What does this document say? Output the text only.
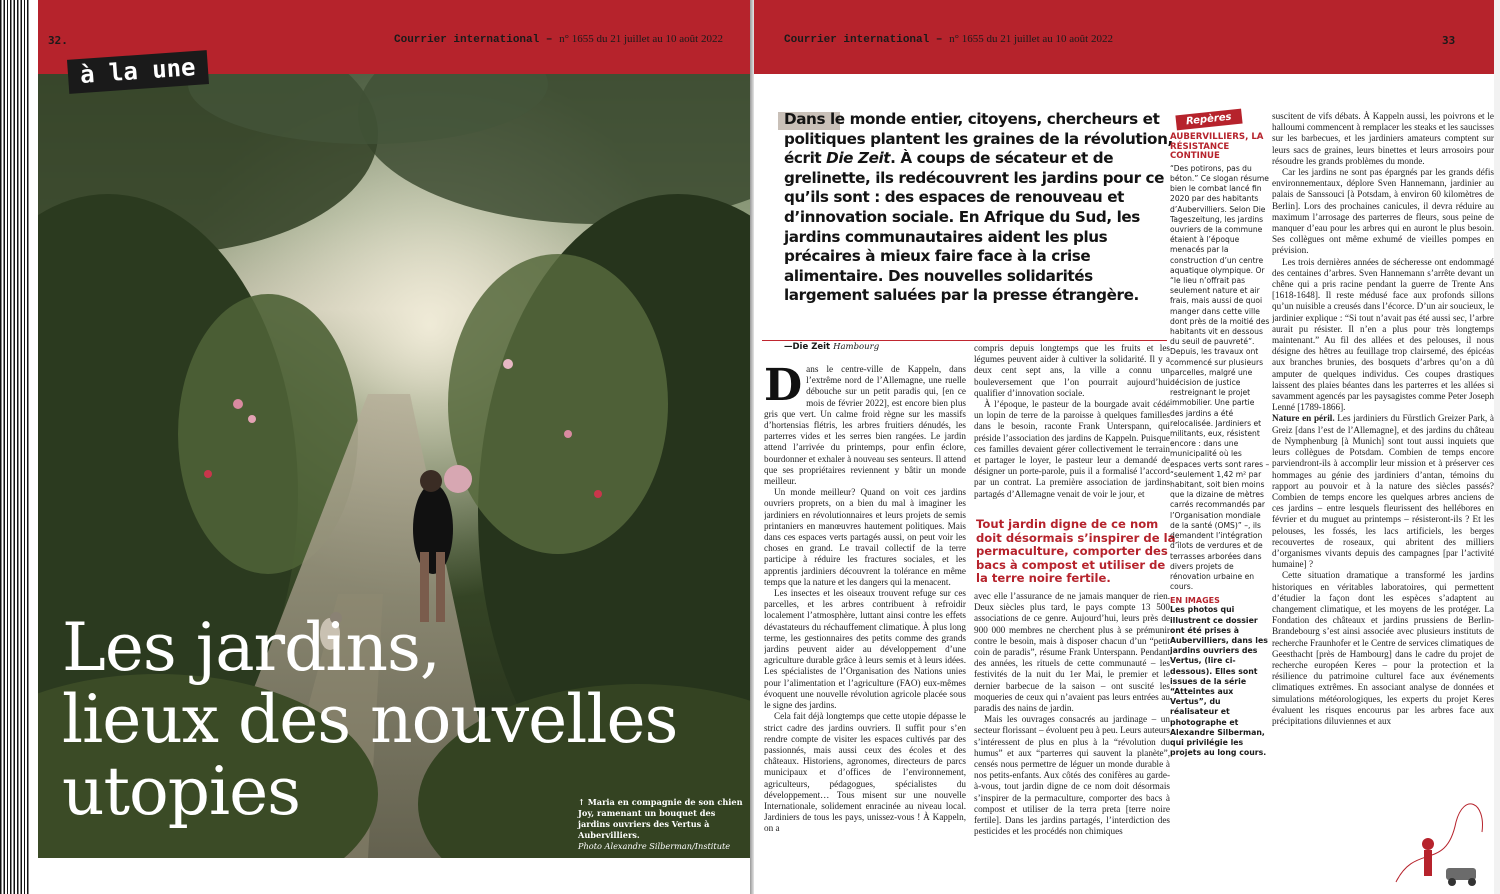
32.	Courrier international – n° 1655 du 21 juillet au 10 août 2022
à la une
Les jardins,
lieux des nouvelles
utopies	↑ Maria en compagnie de son chien Joy, ramenant un bouquet des jardins ouvriers des Vertus à Aubervilliers.
Photo Alexandre Silberman/Institute
Courrier international – n° 1655 du 21 juillet au 10 août 2022	33
Dans le monde entier, citoyens, chercheurs et politiques plantent les graines de la révolution, écrit Die Zeit. À coups de sécateur et de grelinette, ils redécouvrent les jardins pour ce qu’ils sont : des espaces de renouveau et d’innovation sociale. En Afrique du Sud, les jardins communautaires aident les plus précaires à mieux faire face à la crise alimentaire. Des nouvelles solidarités largement saluées par la presse étrangère.
—Die Zeit Hambourg

Dans le centre-ville de Kappeln, dans l’extrême nord de l’Allemagne, une ruelle débouche sur un petit paradis qui, [en ce mois de février 2022], est encore bien plus gris que vert. Un calme froid règne sur les massifs d’hortensias flétris, les arbres fruitiers dénudés, les parterres vides et les serres bien rangées. Le jardin attend l’arrivée du printemps, pour enfin éclore, bourdonner et exhaler à nouveau ses senteurs. Il attend que ses propriétaires reviennent y bâtir un monde meilleur.

Un monde meilleur? Quand on voit ces jardins ouvriers proprets, on a bien du mal à imaginer les jardiniers en révolutionnaires et leurs projets de semis printaniers en manœuvres hautement politiques. Mais dans ces espaces verts partagés aussi, on peut voir les choses en grand. Le travail collectif de la terre participe à réduire les fractures sociales, et les apprentis jardiniers découvrent la tolérance en même temps que la nature et les dangers qui la menacent.

Les insectes et les oiseaux trouvent refuge sur ces parcelles, et les arbres contribuent à refroidir localement l’atmosphère, luttant ainsi contre les effets dévastateurs du réchauffement climatique. À plus long terme, les gestionnaires des petits comme des grands jardins peuvent aider au développement d’une agriculture durable grâce à leurs semis et à leurs idées. Les spécialistes de l’Organisation des Nations unies pour l’alimentation et l’agriculture (FAO) eux-mêmes évoquent une nouvelle révolution agricole placée sous le signe des jardins.

Cela fait déjà longtemps que cette utopie dépasse le strict cadre des jardins ouvriers. Il suffit pour s’en rendre compte de visiter les espaces cultivés par des passionnés, mais aussi ceux des écoles et des châteaux. Historiens, agronomes, directeurs de parcs municipaux et d’offices de l’environnement, agriculteurs, pédagogues, spécialistes du développement… Tous misent sur une nouvelle Internationale, solidement enracinée au niveau local. Jardiniers de tous les pays, unissez-vous ! À Kappeln, on a

compris depuis longtemps que les fruits et les légumes peuvent aider à cultiver la solidarité. Il y a deux cent sept ans, la ville a connu un bouleversement que l’on pourrait aujourd’hui qualifier d’innovation sociale.

À l’époque, le pasteur de la bourgade avait cédé un lopin de terre de la paroisse à quelques familles dans le besoin, raconte Frank Unterspann, qui préside l’association des jardins de Kappeln. Puisque ces familles devaient gérer collectivement le terrain et partager le loyer, le pasteur leur a demandé de désigner un porte-parole, puis il a formalisé l’accord par un contrat. La première association de jardins partagés d’Allemagne venait de voir le jour, et

Tout jardin digne de ce nom doit désormais s’inspirer de la permaculture, comporter des bacs à compost et utiliser de la terre noire fertile.

avec elle l’assurance de ne jamais manquer de rien. Deux siècles plus tard, le pays compte 13 500 associations de ce genre. Aujourd’hui, leurs près de 900 000 membres ne cherchent plus à se prémunir contre le besoin, mais à disposer chacun d’un “petit coin de paradis”, résume Frank Unterspann. Pendant des années, les rituels de cette communauté – les festivités de la nuit du 1er Mai, le premier et le dernier barbecue de la saison – ont suscité les moqueries de ceux qui n’avaient pas leurs entrées au paradis des nains de jardin.

Mais les ouvrages consacrés au jardinage – un secteur florissant – évoluent peu à peu. Leurs auteurs s’intéressent de plus en plus à la “révolution du humus” et aux “parterres qui sauvent la planète”, censés nous permettre de léguer un monde durable à nos petits-enfants. Aux côtés des conifères au garde-à-vous, tout jardin digne de ce nom doit désormais s’inspirer de la permaculture, comporter des bacs à compost et utiliser de la terra preta [terre noire fertile]. Dans les jardins partagés, l’interdiction des pesticides et les procédés non chimiques

Repères
AUBERVILLIERS, LA RÉSISTANCE CONTINUE
“Des potirons, pas du béton.” Ce slogan résume bien le combat lancé fin 2020 par des habitants d’Aubervilliers. Selon Die Tageszeitung, les jardins ouvriers de la commune étaient à l’époque menacés par la construction d’un centre aquatique olympique. Or “le lieu n’offrait pas seulement nature et air frais, mais aussi de quoi manger dans cette ville dont près de la moitié des habitants vit en dessous du seuil de pauvreté”. Depuis, les travaux ont commencé sur plusieurs parcelles, malgré une décision de justice restreignant le projet immobilier. Une partie des jardins a été relocalisée. Jardiniers et militants, eux, résistent encore : dans une municipalité où les espaces verts sont rares – “seulement 1,42 m² par habitant, soit bien moins que la dizaine de mètres carrés recommandés par l’Organisation mondiale de la santé (OMS)” –, ils demandent l’intégration d’îlots de verdures et de terrasses arborées dans divers projets de rénovation urbaine en cours.
EN IMAGES
Les photos qui illustrent ce dossier ont été prises à Aubervilliers, dans les jardins ouvriers des Vertus, (lire ci-dessous). Elles sont issues de la série “Atteintes aux Vertus”, du réalisateur et photographe et Alexandre Silberman, qui privilégie les projets au long cours.

suscitent de vifs débats. À Kappeln aussi, les poivrons et le halloumi commencent à remplacer les steaks et les saucisses sur les barbecues, et les jardiniers amateurs comptent sur leurs sacs de graines, leurs binettes et leurs arrosoirs pour résoudre les grands problèmes du monde.

Car les jardins ne sont pas épargnés par les grands défis environnementaux, déplore Sven Hannemann, jardinier au palais de Sanssouci [à Potsdam, à environ 60 kilomètres de Berlin]. Lors des prochaines canicules, il devra réduire au maximum l’arrosage des parterres de fleurs, sous peine de manquer d’eau pour les arbres qui en auront le plus besoin. Ses collègues ont même exhumé de vieilles pompes en prévision.

Les trois dernières années de sécheresse ont endommagé des centaines d’arbres. Sven Hannemann s’arrête devant un chêne qui a pris racine pendant la guerre de Trente Ans [1618-1648]. Il reste médusé face aux profonds sillons qu’un nuisible a creusés dans l’écorce. D’un air soucieux, le jardinier explique : “Si tout n’avait pas été aussi sec, l’arbre aurait pu résister. Il n’en a plus pour très longtemps maintenant.” Au fil des allées et des pelouses, il nous désigne des hêtres au feuillage trop clairsemé, des épicéas aux branches brunies, des bosquets d’arbres qu’on a dû amputer de quelques individus. Ces coupes drastiques laissent des plaies béantes dans les parterres et les allées si savamment agencés par les paysagistes comme Peter Joseph Lenné [1789-1866].

Nature en péril. Les jardiniers du Fürstlich Greizer Park, à Greiz [dans l’est de l’Allemagne], et des jardins du château de Nymphenburg [à Munich] sont tout aussi inquiets que leurs collègues de Potsdam. Combien de temps encore parviendront-ils à accomplir leur mission et à préserver ces hommages au génie des jardiniers d’antan, témoins du rapport au pouvoir et à la nature des siècles passés? Combien de temps encore les quelques arbres anciens de ces jardins – entre lesquels fleurissent des hellébores en février et du muguet au printemps – résisteront-ils ? Et les pelouses, les fossés, les lacs artificiels, les berges recouvertes de roseaux, qui abritent des milliers d’organismes vivants depuis des campagnes [par l’activité humaine] ?

Cette situation dramatique a transformé les jardins historiques en véritables laboratoires, qui permettent d’étudier la façon dont les espèces s’adaptent au changement climatique, et les moyens de les protéger. La Fondation des châteaux et jardins prussiens de Berlin-Brandebourg s’est ainsi associée avec plusieurs instituts de recherche Fraunhofer et le Centre de services climatiques de Geesthacht [près de Hambourg] dans le cadre du projet de recherche européen Keres – pour la protection et la résilience du patrimoine culturel face aux événements climatiques extrêmes. En associant analyse de données et simulations météorologiques, les experts du projet Keres évaluent les risques encourus par les arbres face aux précipitations diluviennes et aux
